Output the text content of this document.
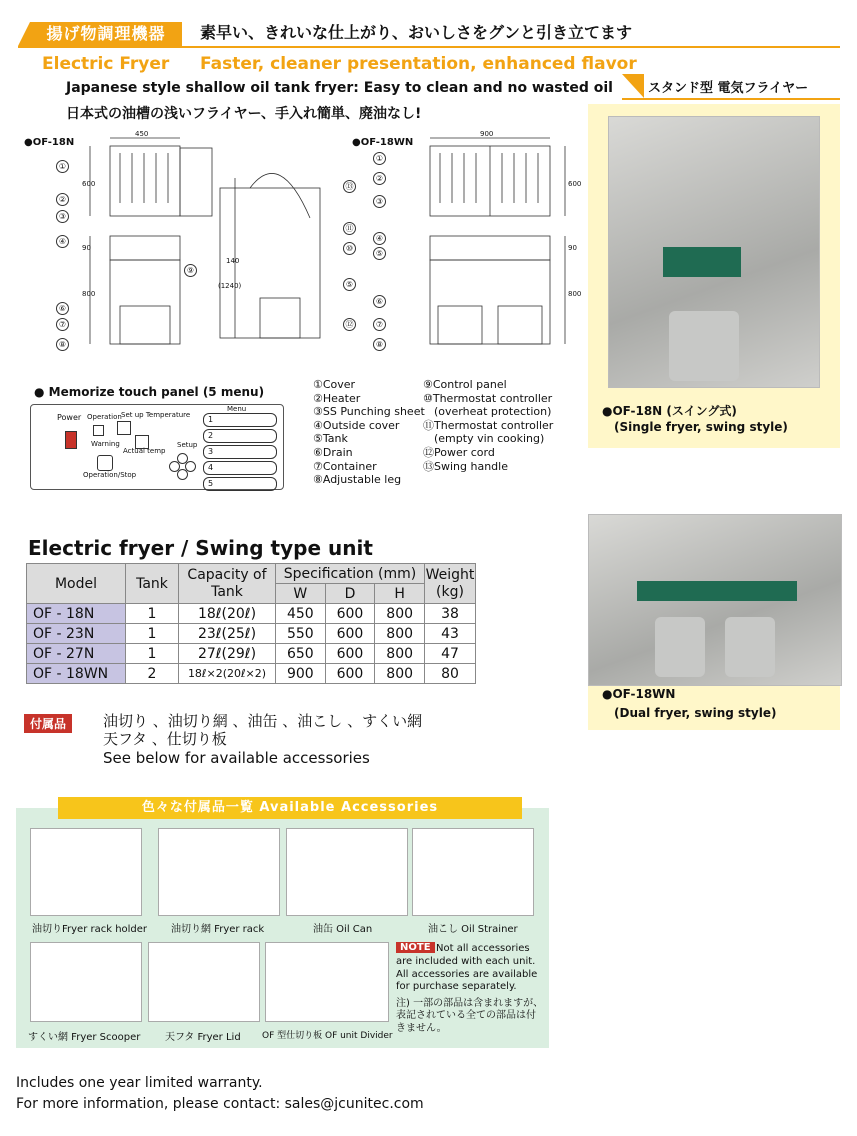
揚げ物調理機器	素早い、きれいな仕上がり、おいしさをグンと引き立てます
Electric Fryer Faster, cleaner presentation, enhanced flavor
Japanese style shallow oil tank fryer: Easy to clean and no wasted oil
日本式の油槽の浅いフライヤー、手入れ簡単、廃油なし!
スタンド型 電気フライヤー
●OF-18N	●OF-18WN
450	900
600
90
800
600
90
800
140
(1240)
①
②
③
④
⑥
⑦
⑧
⑨
⑬
⑪
⑩
⑤
⑫
①
②
③
④
⑤
⑥
⑦
⑧
● Memorize touch panel (5 menu)
Power Operation Set up Temperature
Warning
Actual temp
Operation/Stop
Setup
Menu
1
2
3
4
5
①Cover
②Heater
③SS Punching sheet
④Outside cover
⑤Tank
⑥Drain
⑦Container
⑧Adjustable leg
⑨Control panel
⑩Thermostat controller
(overheat protection)
⑪Thermostat controller
(empty vin cooking)
⑫Power cord
⑬Swing handle
●OF-18N (スイング式)
(Single fryer, swing style)
●OF-18WN
(Dual fryer, swing style)
Electric fryer / Swing type unit
Model	Tank	Capacity of Tank	Specification (mm)			Weight (kg)
			W	D	H	
OF - 18N	1	18ℓ(20ℓ)	450	600	800	38
OF - 23N	1	23ℓ(25ℓ)	550	600	800	43
OF - 27N	1	27ℓ(29ℓ)	650	600	800	47
OF - 18WN	2	18ℓ×2(20ℓ×2)	900	600	800	80
付属品	油切り 、油切り網 、油缶 、油こし 、すくい網
天フタ 、仕切り板
See below for available accessories
色々な付属品一覧 Available Accessories
油切りFryer rack holder 油切り網 Fryer rack	油缶 Oil Can	油こし Oil Strainer
すくい網 Fryer Scooper 天フタ Fryer Lid OF 型仕切り板 OF unit Divider
NOTE Not all accessories
are included with each unit.
All accessories are available
for purchase separately.
注) 一部の部品は含まれますが、
表記されている全ての部品は付
きません。
Includes one year limited warranty.
For more information, please contact: sales@jcunitec.com
